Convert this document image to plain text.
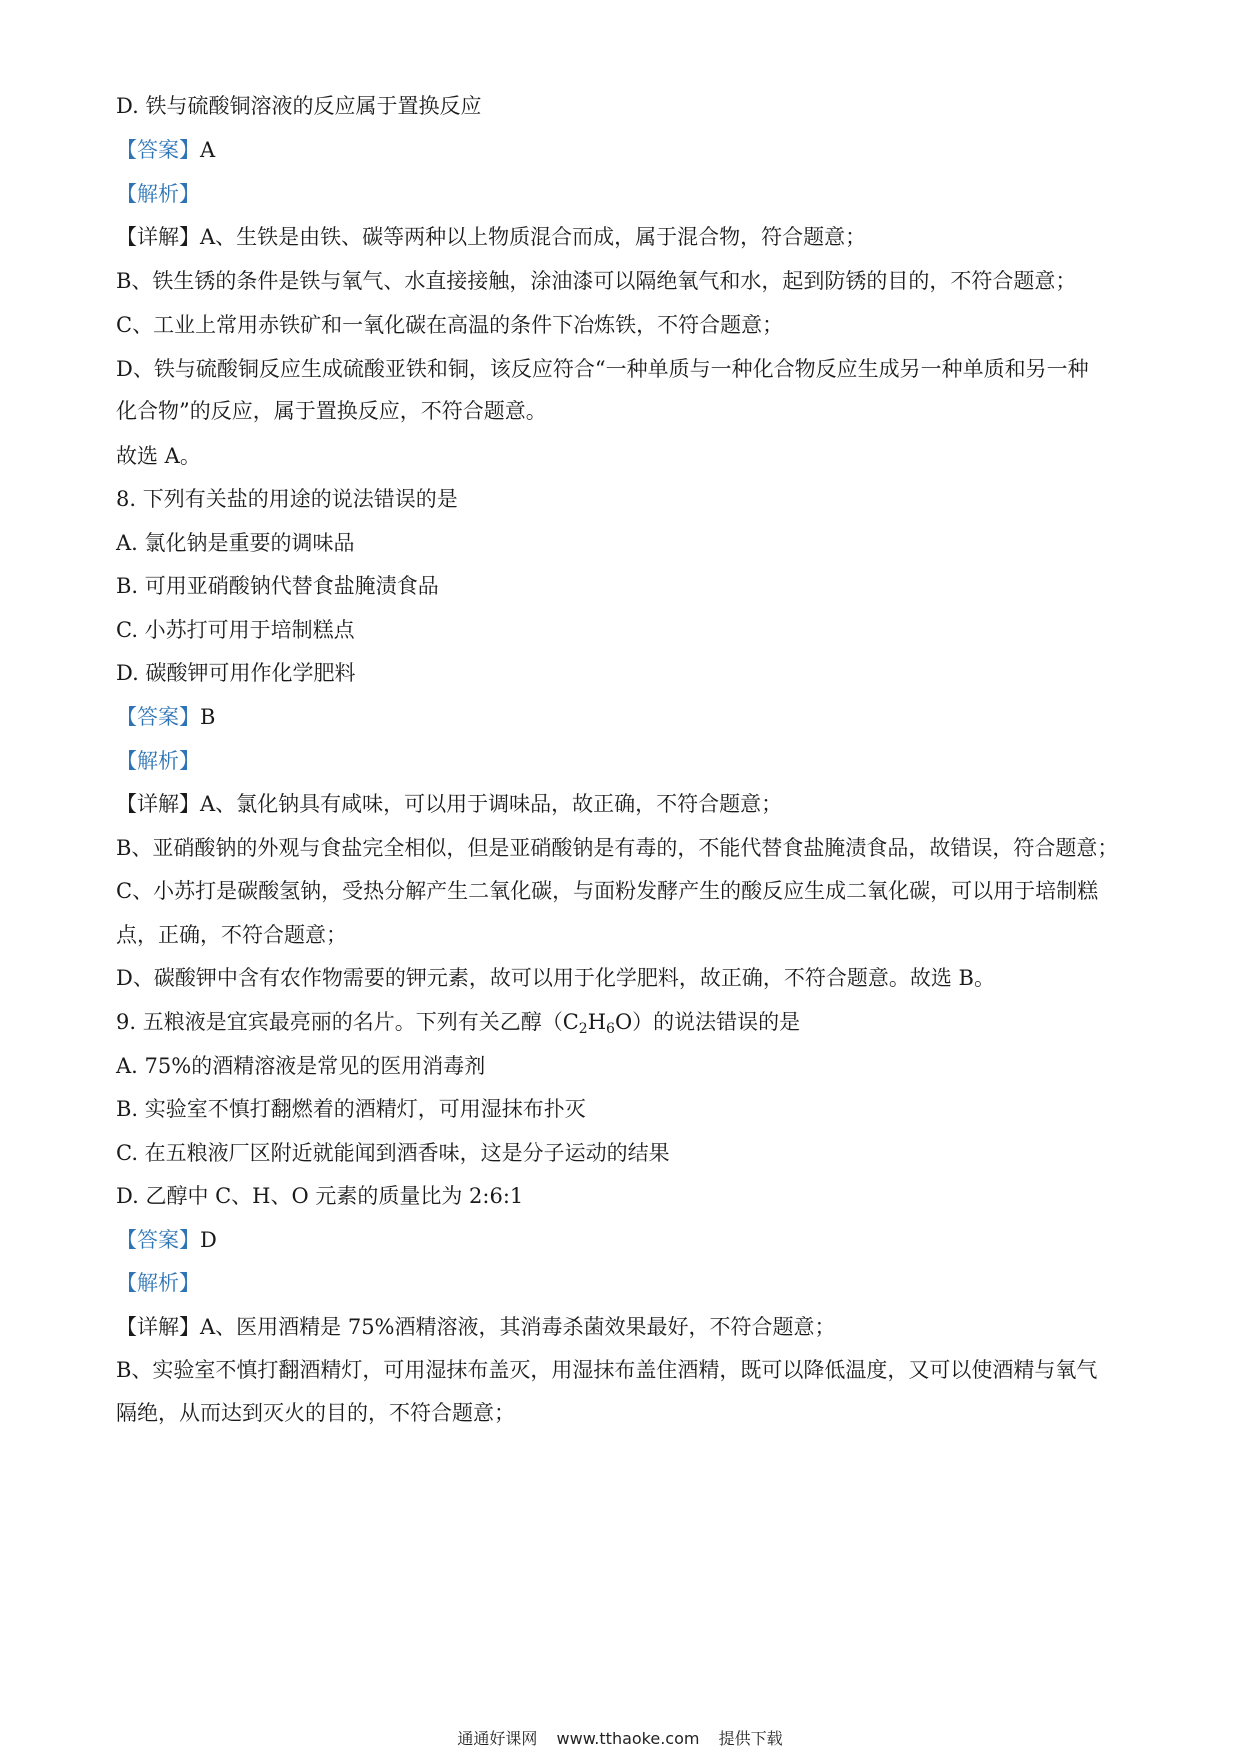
D. 铁与硫酸铜溶液的反应属于置换反应
【答案】A
【解析】
【详解】A、生铁是由铁、碳等两种以上物质混合而成，属于混合物，符合题意；
B、铁生锈的条件是铁与氧气、水直接接触，涂油漆可以隔绝氧气和水，起到防锈的目的，不符合题意；
C、工业上常用赤铁矿和一氧化碳在高温的条件下冶炼铁，不符合题意；
D、铁与硫酸铜反应生成硫酸亚铁和铜，该反应符合“一种单质与一种化合物反应生成另一种单质和另一种
化合物”的反应，属于置换反应，不符合题意。
故选 A。
8. 下列有关盐的用途的说法错误的是
A. 氯化钠是重要的调味品
B. 可用亚硝酸钠代替食盐腌渍食品
C. 小苏打可用于培制糕点
D. 碳酸钾可用作化学肥料
【答案】B
【解析】
【详解】A、氯化钠具有咸味，可以用于调味品，故正确，不符合题意；
B、亚硝酸钠的外观与食盐完全相似，但是亚硝酸钠是有毒的，不能代替食盐腌渍食品，故错误，符合题意；
C、小苏打是碳酸氢钠，受热分解产生二氧化碳，与面粉发酵产生的酸反应生成二氧化碳，可以用于培制糕
点，正确，不符合题意；
D、碳酸钾中含有农作物需要的钾元素，故可以用于化学肥料，故正确，不符合题意。故选 B。
9. 五粮液是宜宾最亮丽的名片。下列有关乙醇$(C_2H_6O)$的说法错误的是
A. 75%的酒精溶液是常见的医用消毒剂
B. 实验室不慎打翻燃着的酒精灯，可用湿抹布扑灭
C. 在五粮液厂区附近就能闻到酒香味，这是分子运动的结果
D. 乙醇中 C、H、O 元素的质量比为 2:6:1
【答案】D
【解析】
【详解】A、医用酒精是 75%酒精溶液，其消毒杀菌效果最好，不符合题意；
B、实验室不慎打翻酒精灯，可用湿抹布盖灭，用湿抹布盖住酒精，既可以降低温度，又可以使酒精与氧气
隔绝，从而达到灭火的目的，不符合题意；
通通好课网 www.tthaoke.com 提供下载
